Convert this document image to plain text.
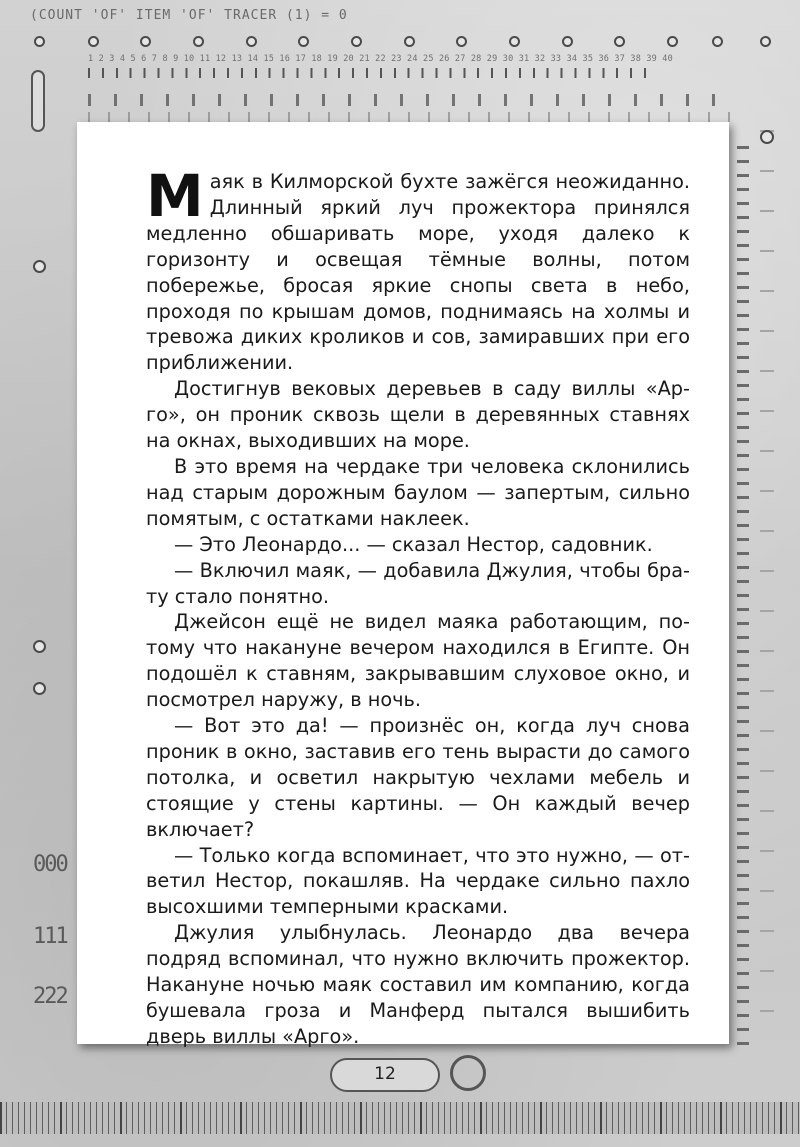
(COUNT 'OF' ITEM 'OF' TRACER (1) = 0
1 2 3 4 5 6 7 8 9 10 11 12 13 14 15 16 17 18 19 20 21 22 23 24 25 26 27 28 29 30 31 32 33 34 35 36 37 38 39 40
000
111
222

Маяк в Килморской бухте зажёгся неожиданно. Длинный яркий луч прожектора принялся медленно обшаривать море, уходя далеко к горизонту и освещая тёмные волны, потом побережье, бросая яркие снопы света в небо, проходя по крышам домов, поднимаясь на холмы и тревожа диких кроликов и сов, замиравших при его приближении.

Достигнув вековых деревьев в саду виллы «Арго», он проник сквозь щели в деревянных ставнях на окнах, выходивших на море.

В это время на чердаке три человека склонились над старым дорожным баулом — запертым, сильно помятым, с остатками наклеек.

— Это Леонардо... — сказал Нестор, садовник.

— Включил маяк, — добавила Джулия, чтобы брату стало понятно.

Джейсон ещё не видел маяка работающим, потому что накануне вечером находился в Египте. Он подошёл к ставням, закрывавшим слуховое окно, и посмотрел наружу, в ночь.

— Вот это да! — произнёс он, когда луч снова проник в окно, заставив его тень вырасти до самого потолка, и осветил накрытую чехлами мебель и стоящие у стены картины. — Он каждый вечер включает?

— Только когда вспоминает, что это нужно, — ответил Нестор, покашляв. На чердаке сильно пахло высохшими темперными красками.

Джулия улыбнулась. Леонардо два вечера подряд вспоминал, что нужно включить прожектор. Накануне ночью маяк составил им компанию, когда бушевала гроза и Манферд пытался вышибить дверь виллы «Арго».

12
